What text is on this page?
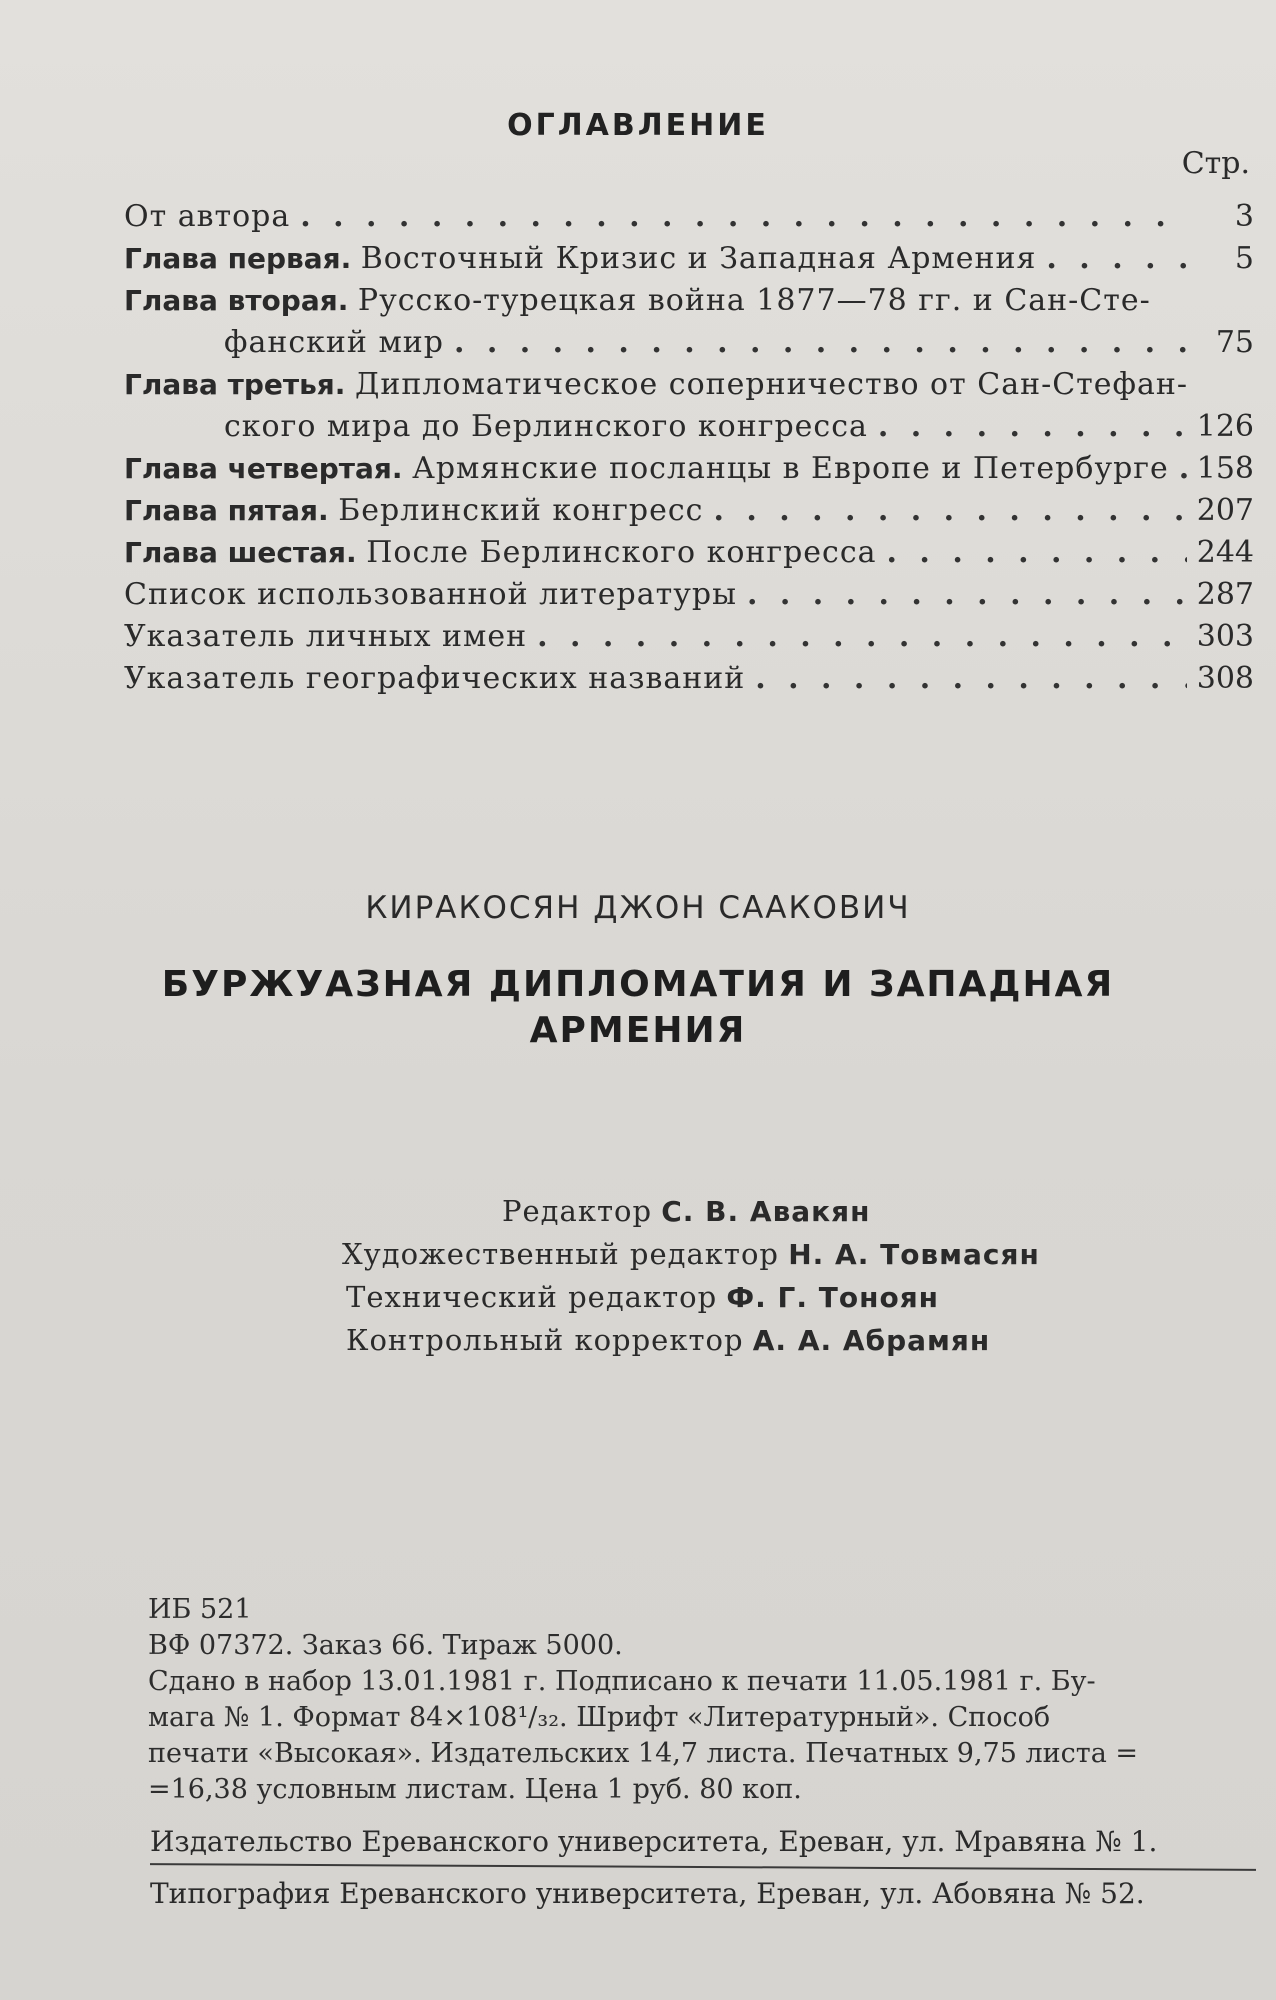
ОГЛАВЛЕНИЕ
Стр.
От автора . . .	3
Глава первая.
Восточный Кризис и Западная Армения . . .	5
Глава вторая.
Русско-турецкая война 1877—78 гг. и Сан-Сте-
фанский мир . . .	75
Глава третья.
Дипломатическое соперничество от Сан-Стефан-
ского мира до Берлинского конгресса . . .	126
Глава четвертая.
Армянские посланцы в Европе и Петербурге . . . 158
Глава пятая.
Берлинский конгресс . . .	207
Глава шестая.
После Берлинского конгресса . . .	244
Список использованной литературы . . .	287
Указатель личных имен . . .	303
Указатель географических названий . . .	308
КИРАКОСЯН ДЖОН СААКОВИЧ
БУРЖУАЗНАЯ ДИПЛОМАТИЯ И ЗАПАДНАЯ
АРМЕНИЯ
Редактор С. В. Авакян
Художественный редактор Н. А. Товмасян
Технический редактор Ф. Г. Тоноян
Контрольный корректор А. А. Абрамян
ИБ 521
ВФ 07372. Заказ 66. Тираж 5000.
Сдано в набор 13.01.1981 г. Подписано к печати 11.05.1981 г. Бу-
мага № 1. Формат 84×108¹/₃₂. Шрифт «Литературный». Способ
печати «Высокая». Издательских 14,7 листа. Печатных 9,75 листа =
=16,38 условным листам. Цена 1 руб. 80 коп.
Издательство Ереванского университета, Ереван, ул. Мравяна № 1.
Типография Ереванского университета, Ереван, ул. Абовяна № 52.
